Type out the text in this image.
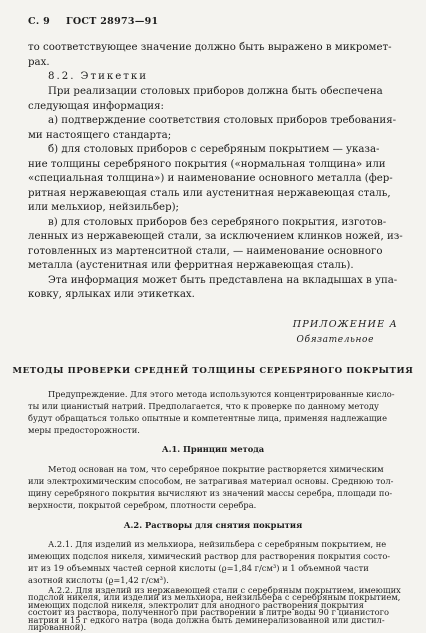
С. 9 ГОСТ 28973—91
то соответствующее значение должно быть выражено в микромет-
рах.
8.2. Этикетки
При реализации столовых приборов должна быть обеспечена
следующая информация:
а) подтверждение соответствия столовых приборов требования-
ми настоящего стандарта;
б) для столовых приборов с серебряным покрытием — указа-
ние толщины серебряного покрытия («нормальная толщина» или
«специальная толщина») и наименование основного металла (фер-
ритная нержавеющая сталь или аустенитная нержавеющая сталь,
или мельхиор, нейзильбер);
в) для столовых приборов без серебряного покрытия, изготов-
ленных из нержавеющей стали, за исключением клинков ножей, из-
готовленных из мартенситной стали, — наименование основного
металла (аустенитная или ферритная нержавеющая сталь).
Эта информация может быть представлена на вкладышах в упа-
ковку, ярлыках или этикетках.
ПРИЛОЖЕНИЕ А
Обязательное
МЕТОДЫ ПРОВЕРКИ СРЕДНЕЙ ТОЛЩИНЫ СЕРЕБРЯНОГО ПОКРЫТИЯ
Предупреждение. Для этого метода используются концентрированные кисло-
ты или цианистый натрий. Предполагается, что к проверке по данному методу
будут обращаться только опытные и компетентные лица, применяя надлежащие
меры предосторожности.
А.1. Принцип метода
Метод основан на том, что серебряное покрытие растворяется химическим
или электрохимическим способом, не затрагивая материал основы. Среднюю тол-
щину серебряного покрытия вычисляют из значений массы серебра, площади по-
верхности, покрытой серебром, плотности серебра.
А.2. Растворы для снятия покрытия
А.2.1. Для изделий из мельхиора, нейзильбера с серебряным покрытием, не
имеющих подслоя никеля, химический раствор для растворения покрытия состо-
ит из 19 объемных частей серной кислоты (ϱ=1,84 г/см³) и 1 объемной части
азотной кислоты (ϱ=1,42 г/см³).
А.2.2. Для изделий из нержавеющей стали с серебряным покрытием, имеющих
подслой никеля, или изделий из мельхиора, нейзильбера с серебряным покрытием,
имеющих подслой никеля, электролит для анодного растворения покрытия
состоит из раствора, полученного при растворении в литре воды 90 г цианистого
натрия и 15 г едкого натра (вода должна быть деминерализованной или дистил-
лированной).
